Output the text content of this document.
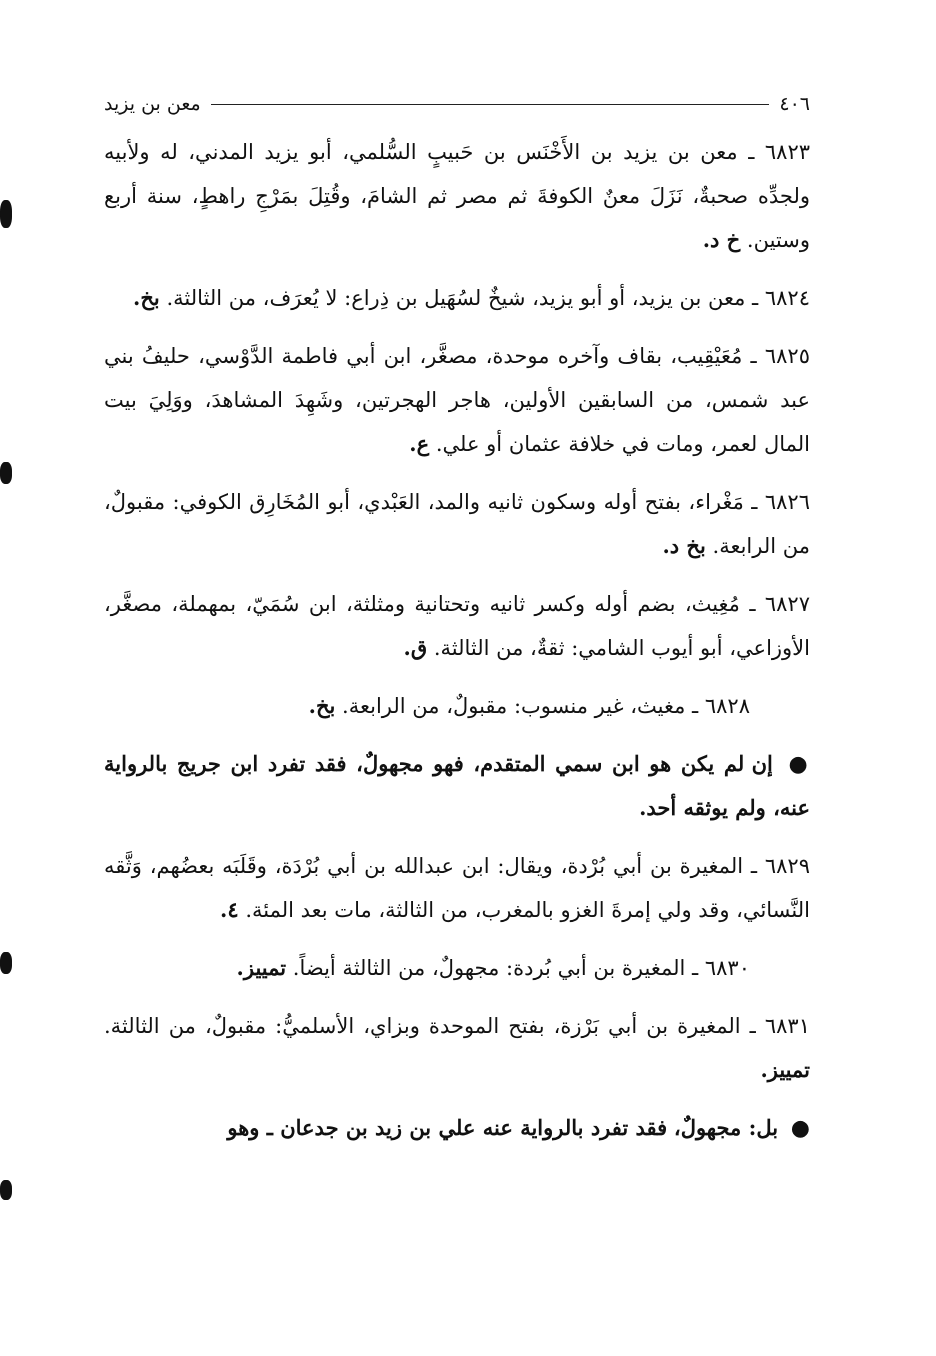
٤٠٦
معن بن يزيد
٦٨٢٣ ـ معن بن يزيد بن الأَخْنَس بن حَبيبٍ السُّلمي، أبو يزيد المدني، له ولأبيه ولجدِّه صحبةٌ، نَزَلَ معنٌ الكوفةَ ثم مصر ثم الشامَ، وقُتِلَ بمَرْجِ راهطٍ، سنة أربع وستين. خ د.
٦٨٢٤ ـ معن بن يزيد، أو أبو يزيد، شيخٌ لسُهَيل بن ذِراع: لا يُعرَف، من الثالثة. بخ.
٦٨٢٥ ـ مُعَيْقِيب، بقاف وآخره موحدة، مصغَّر، ابن أبي فاطمة الدَّوْسي، حليفُ بني عبد شمس، من السابقين الأولين، هاجر الهجرتين، وشَهِدَ المشاهدَ، ووَلِيَ بيت المال لعمر، ومات في خلافة عثمان أو علي. ع.
٦٨٢٦ ـ مَغْراء، بفتح أوله وسكون ثانيه والمد، العَبْدي، أبو المُخَارِق الكوفي: مقبولٌ، من الرابعة. بخ د.
٦٨٢٧ ـ مُغِيث، بضم أوله وكسر ثانيه وتحتانية ومثلثة، ابن سُمَيّ، بمهملة، مصغَّر، الأوزاعي، أبو أيوب الشامي: ثقةٌ، من الثالثة. ق.
٦٨٢٨ ـ مغيث، غير منسوب: مقبولٌ، من الرابعة. بخ.
● إن لم يكن هو ابن سمي المتقدم، فهو مجهولٌ، فقد تفرد ابن جريج بالرواية عنه، ولم يوثقه أحد.
٦٨٢٩ ـ المغيرة بن أبي بُرْدة، ويقال: ابن عبدالله بن أبي بُرْدَة، وقَلَبَه بعضُهم، وَثَّقه النَّسائي، وقد ولي إمرةَ الغزو بالمغرب، من الثالثة، مات بعد المئة. ٤.
٦٨٣٠ ـ المغيرة بن أبي بُردة: مجهولٌ، من الثالثة أيضاً. تمييز.
٦٨٣١ ـ المغيرة بن أبي بَرْزة، بفتح الموحدة وبزاي، الأسلميُّ: مقبولٌ، من الثالثة. تمييز.
● بل: مجهولٌ، فقد تفرد بالرواية عنه علي بن زيد بن جدعان ـ وهو
